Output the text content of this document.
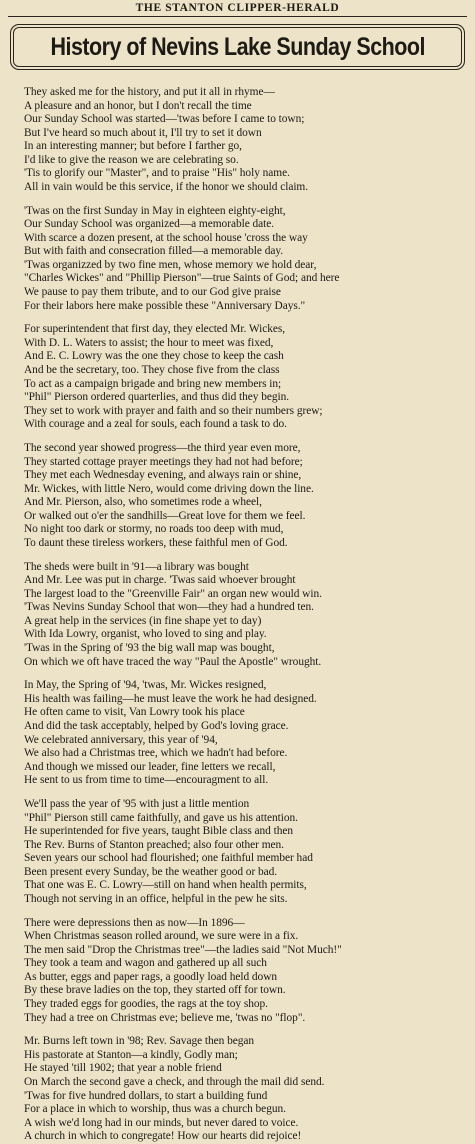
THE STANTON CLIPPER-HERALD
History of Nevins Lake Sunday School
They asked me for the history, and put it all in rhyme—
A pleasure and an honor, but I don't recall the time
Our Sunday School was started—'twas before I came to town;
But I've heard so much about it, I'll try to set it down
In an interesting manner; but before I farther go,
I'd like to give the reason we are celebrating so.
'Tis to glorify our "Master", and to praise "His" holy name.
All in vain would be this service, if the honor we should claim.
'Twas on the first Sunday in May in eighteen eighty-eight,
Our Sunday School was organized—a memorable date.
With scarce a dozen present, at the school house 'cross the way
But with faith and consecration filled—a memorable day.
'Twas organizzed by two fine men, whose memory we hold dear,
"Charles Wickes" and "Phillip Pierson"—true Saints of God; and here
We pause to pay them tribute, and to our God give praise
For their labors here make possible these "Anniversary Days."
For superintendent that first day, they elected Mr. Wickes,
With D. L. Waters to assist; the hour to meet was fixed,
And E. C. Lowry was the one they chose to keep the cash
And be the secretary, too. They chose five from the class
To act as a campaign brigade and bring new members in;
"Phil" Pierson ordered quarterlies, and thus did they begin.
They set to work with prayer and faith and so their numbers grew;
With courage and a zeal for souls, each found a task to do.
The second year showed progress—the third year even more,
They started cottage prayer meetings they had not had before;
They met each Wednesday evening, and always rain or shine,
Mr. Wickes, with little Nero, would come driving down the line.
And Mr. Pierson, also, who sometimes rode a wheel,
Or walked out o'er the sandhills—Great love for them we feel.
No night too dark or stormy, no roads too deep with mud,
To daunt these tireless workers, these faithful men of God.
The sheds were built in '91—a library was bought
And Mr. Lee was put in charge. 'Twas said whoever brought
The largest load to the "Greenville Fair" an organ new would win.
'Twas Nevins Sunday School that won—they had a hundred ten.
A great help in the services (in fine shape yet to day)
With Ida Lowry, organist, who loved to sing and play.
'Twas in the Spring of '93 the big wall map was bought,
On which we oft have traced the way "Paul the Apostle" wrought.
In May, the Spring of '94, 'twas, Mr. Wickes resigned,
His health was failing—he must leave the work he had designed.
He often came to visit, Van Lowry took his place
And did the task acceptably, helped by God's loving grace.
We celebrated anniversary, this year of '94,
We also had a Christmas tree, which we hadn't had before.
And though we missed our leader, fine letters we recall,
He sent to us from time to time—encouragment to all.
We'll pass the year of '95 with just a little mention
"Phil" Pierson still came faithfully, and gave us his attention.
He superintended for five years, taught Bible class and then
The Rev. Burns of Stanton preached; also four other men.
Seven years our school had flourished; one faithful member had
Been present every Sunday, be the weather good or bad.
That one was E. C. Lowry—still on hand when health permits,
Though not serving in an office, helpful in the pew he sits.
There were depressions then as now—In 1896—
When Christmas season rolled around, we sure were in a fix.
The men said "Drop the Christmas tree"—the ladies said "Not Much!"
They took a team and wagon and gathered up all such
As butter, eggs and paper rags, a goodly load held down
By these brave ladies on the top, they started off for town.
They traded eggs for goodies, the rags at the toy shop.
They had a tree on Christmas eve; believe me, 'twas no "flop".
Mr. Burns left town in '98; Rev. Savage then began
His pastorate at Stanton—a kindly, Godly man;
He stayed 'till 1902; that year a noble friend
On March the second gave a check, and through the mail did send.
'Twas for five hundred dollars, to start a building fund
For a place in which to worship, thus was a church begun.
A wish we'd long had in our minds, but never dared to voice.
A church in which to congregate! How our hearts did rejoice!
